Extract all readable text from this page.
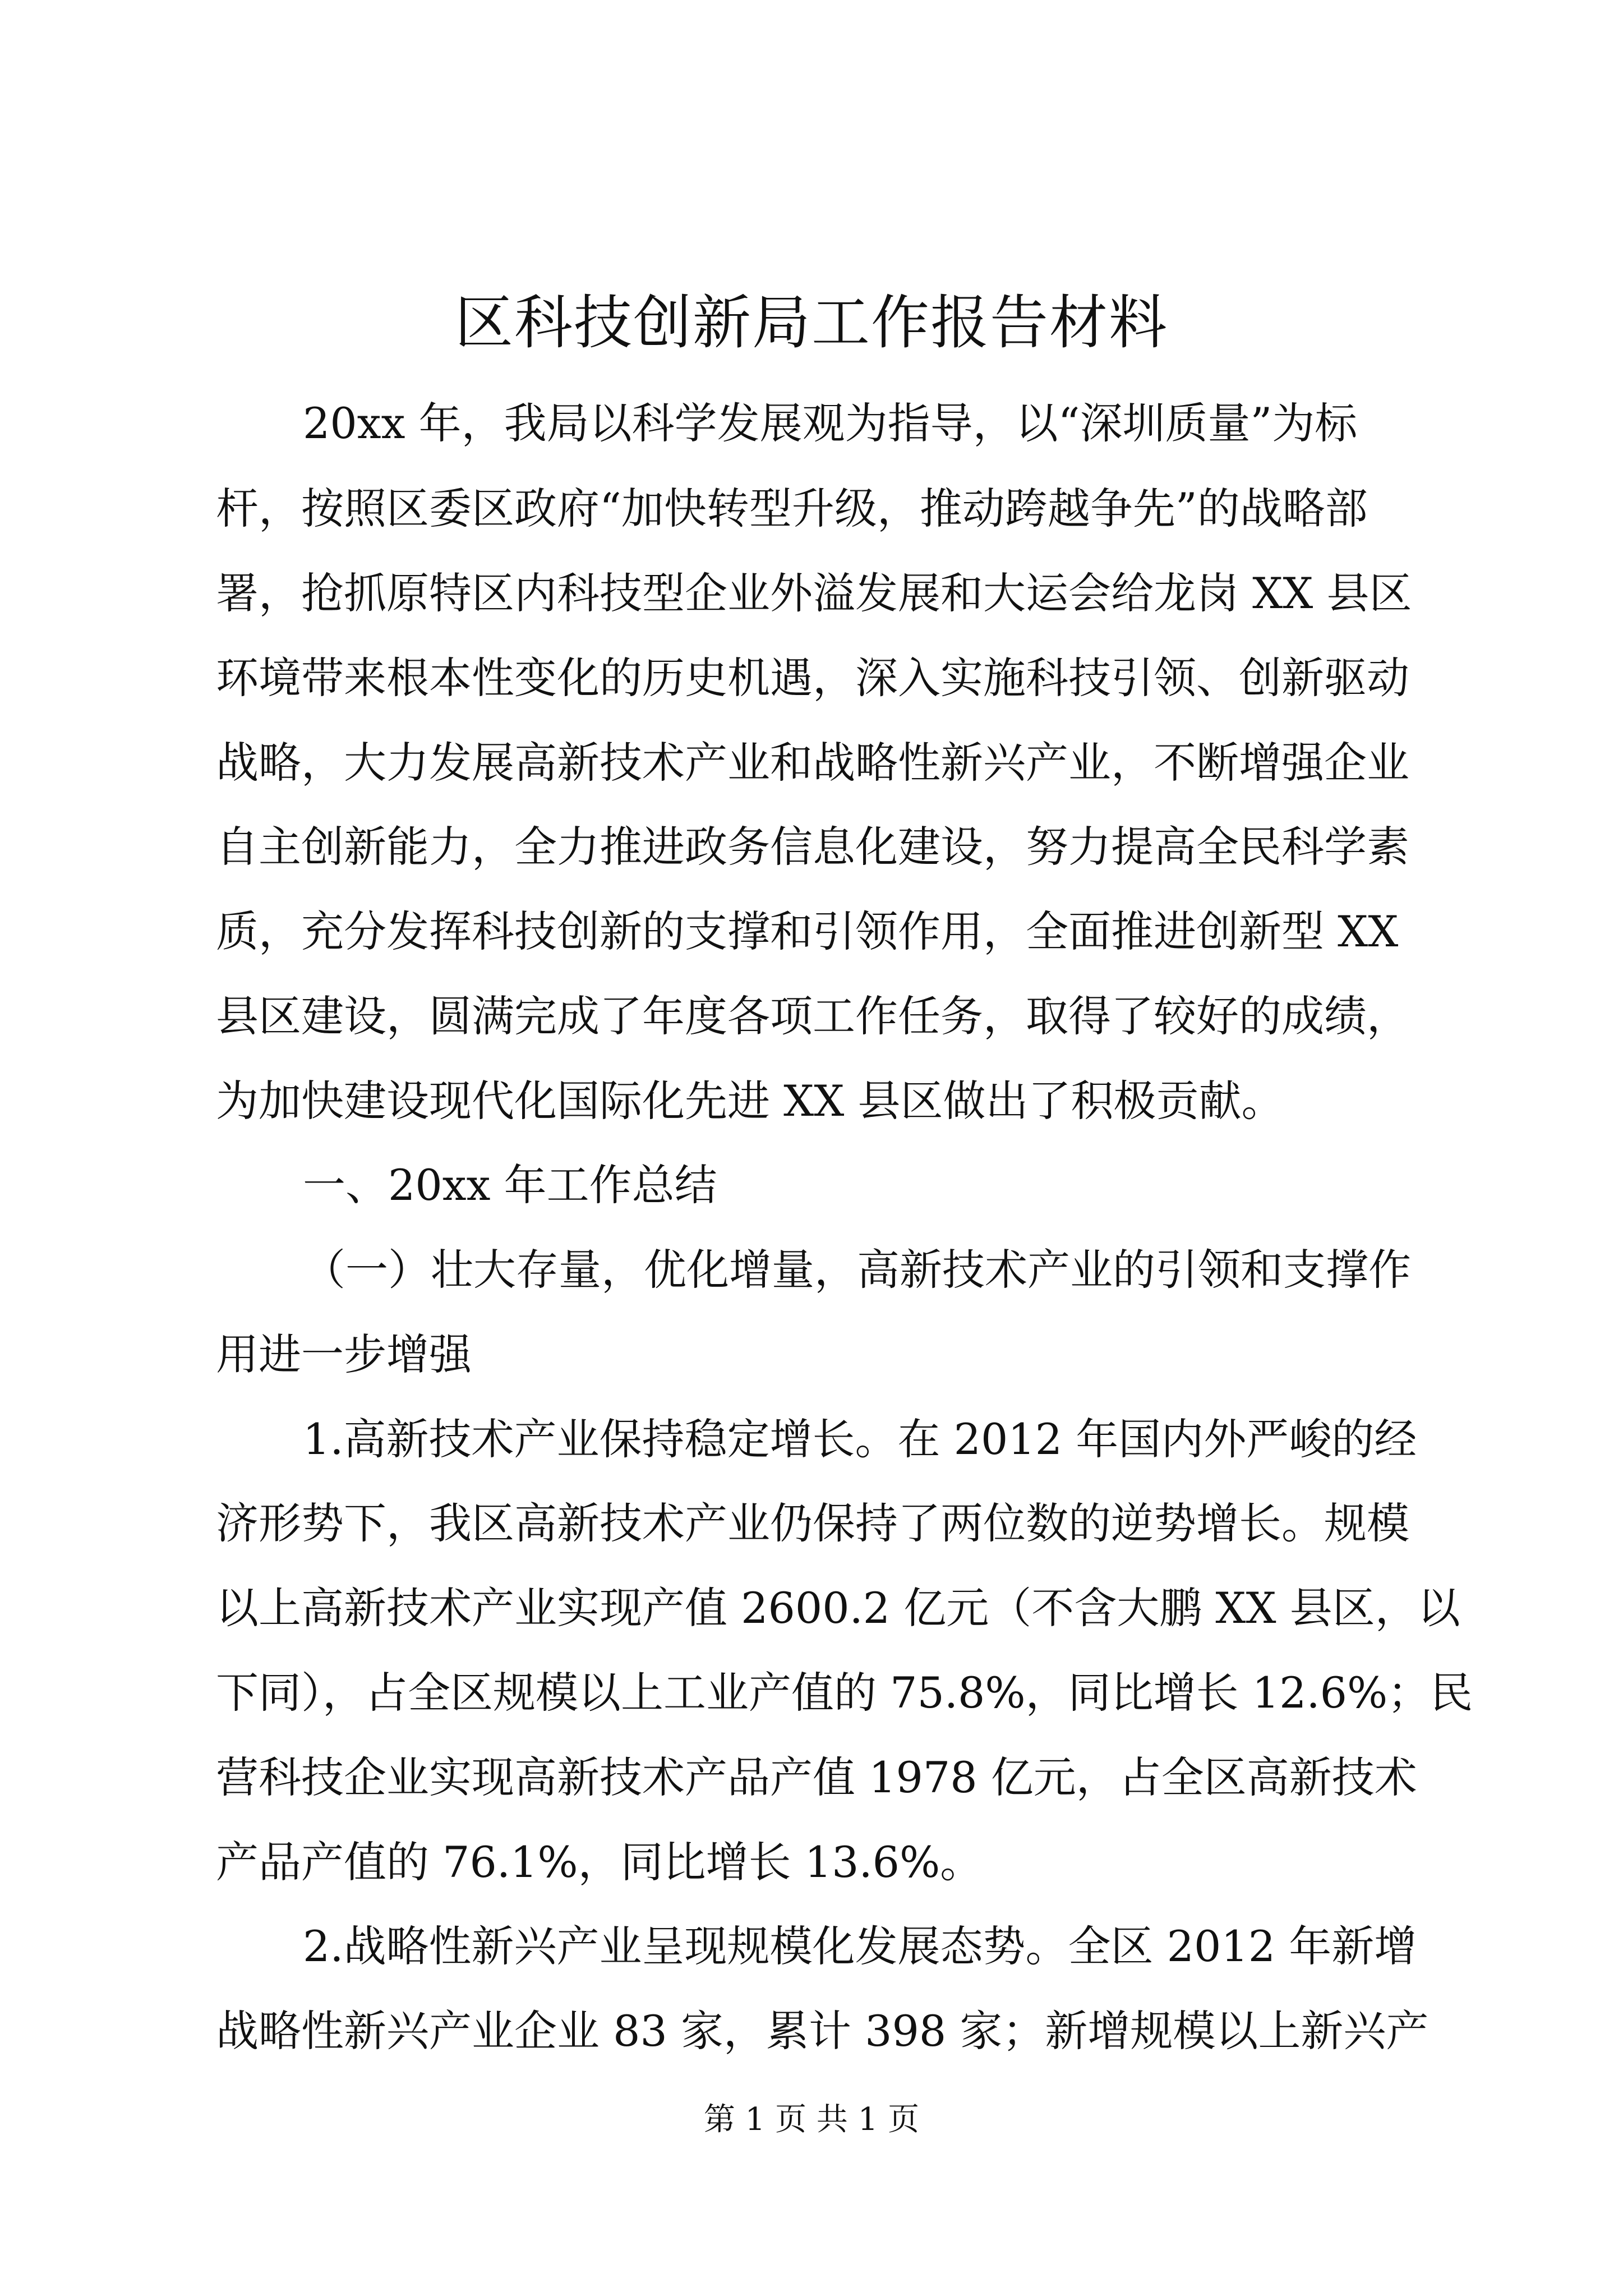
区科技创新局工作报告材料

20xx 年，我局以科学发展观为指导，以“深圳质量”为标

杆，按照区委区政府“加快转型升级，推动跨越争先”的战略部

署，抢抓原特区内科技型企业外溢发展和大运会给龙岗 XX 县区

环境带来根本性变化的历史机遇，深入实施科技引领、创新驱动

战略，大力发展高新技术产业和战略性新兴产业，不断增强企业

自主创新能力，全力推进政务信息化建设，努力提高全民科学素

质，充分发挥科技创新的支撑和引领作用，全面推进创新型 XX

县区建设，圆满完成了年度各项工作任务，取得了较好的成绩，

为加快建设现代化国际化先进 XX 县区做出了积极贡献。

一、20xx 年工作总结

（一）壮大存量，优化增量，高新技术产业的引领和支撑作

用进一步增强

1.高新技术产业保持稳定增长。在 2012 年国内外严峻的经

济形势下，我区高新技术产业仍保持了两位数的逆势增长。规模

以上高新技术产业实现产值 2600.2 亿元（不含大鹏 XX 县区，以

下同），占全区规模以上工业产值的 75.8%，同比增长 12.6%；民

营科技企业实现高新技术产品产值 1978 亿元，占全区高新技术

产品产值的 76.1%，同比增长 13.6%。

2.战略性新兴产业呈现规模化发展态势。全区 2012 年新增

战略性新兴产业企业 83 家，累计 398 家；新增规模以上新兴产

第 1 页 共 1 页
